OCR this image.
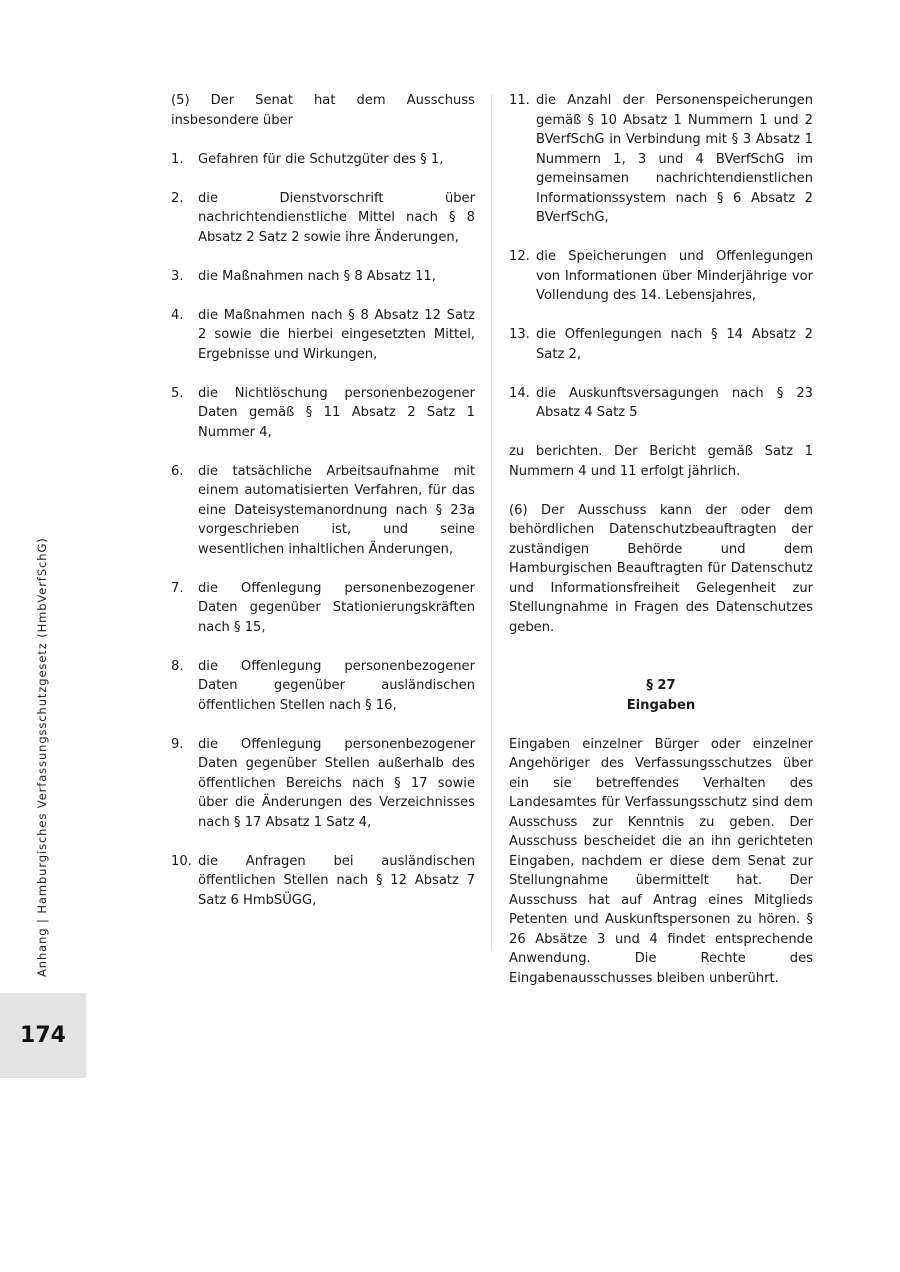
(5) Der Senat hat dem Ausschuss insbesondere über

1.	Gefahren für die Schutzgüter des § 1,
2.	die Dienstvorschrift über nachrichtendienstliche Mittel nach § 8 Absatz 2 Satz 2 sowie ihre Änderungen,
3.	die Maßnahmen nach § 8 Absatz 11,
4.	die Maßnahmen nach § 8 Absatz 12 Satz 2 sowie die hierbei eingesetzten Mittel, Ergebnisse und Wirkungen,
5.	die Nichtlöschung personenbezogener Daten gemäß § 11 Absatz 2 Satz 1 Nummer 4,
6.	die tatsächliche Arbeitsaufnahme mit einem automatisierten Verfahren, für das eine Dateisystemanordnung nach § 23a vorgeschrieben ist, und seine wesentlichen inhaltlichen Änderungen,
7.	die Offenlegung personenbezogener Daten gegenüber Stationierungskräften nach § 15,
8.	die Offenlegung personenbezogener Daten gegenüber ausländischen öffentlichen Stellen nach § 16,
9.	die Offenlegung personenbezogener Daten gegenüber Stellen außerhalb des öffentlichen Bereichs nach § 17 sowie über die Änderungen des Verzeichnisses nach § 17 Absatz 1 Satz 4,
10. die Anfragen bei ausländischen öffentlichen Stellen nach § 12 Absatz 7 Satz 6 HmbSÜGG,
11. die Anzahl der Personenspeicherungen gemäß § 10 Absatz 1 Nummern 1 und 2 BVerfSchG in Verbindung mit § 3 Absatz 1 Nummern 1, 3 und 4 BVerfSchG im gemeinsamen nachrichtendienstlichen Informationssystem nach § 6 Absatz 2 BVerfSchG,
12. die Speicherungen und Offenlegungen von Informationen über Minderjährige vor Vollendung des 14. Lebensjahres,
13. die Offenlegungen nach § 14 Absatz 2 Satz 2,
14. die Auskunftsversagungen nach § 23 Absatz 4 Satz 5

zu berichten. Der Bericht gemäß Satz 1 Nummern 4 und 11 erfolgt jährlich.

(6) Der Ausschuss kann der oder dem behördlichen Datenschutzbeauftragten der zuständigen Behörde und dem Hamburgischen Beauftragten für Datenschutz und Informationsfreiheit Gelegenheit zur Stellungnahme in Fragen des Datenschutzes geben.

§ 27
Eingaben

Eingaben einzelner Bürger oder einzelner Angehöriger des Verfassungsschutzes über ein sie betreffendes Verhalten des Landesamtes für Verfassungsschutz sind dem Ausschuss zur Kenntnis zu geben. Der Ausschuss bescheidet die an ihn gerichteten Eingaben, nachdem er diese dem Senat zur Stellungnahme übermittelt hat. Der Ausschuss hat auf Antrag eines Mitglieds Petenten und Auskunftspersonen zu hören. § 26 Absätze 3 und 4 findet entsprechende Anwendung. Die Rechte des Eingabenausschusses bleiben unberührt.

Anhang | Hamburgisches Verfassungsschutzgesetz (HmbVerfSchG)
174
